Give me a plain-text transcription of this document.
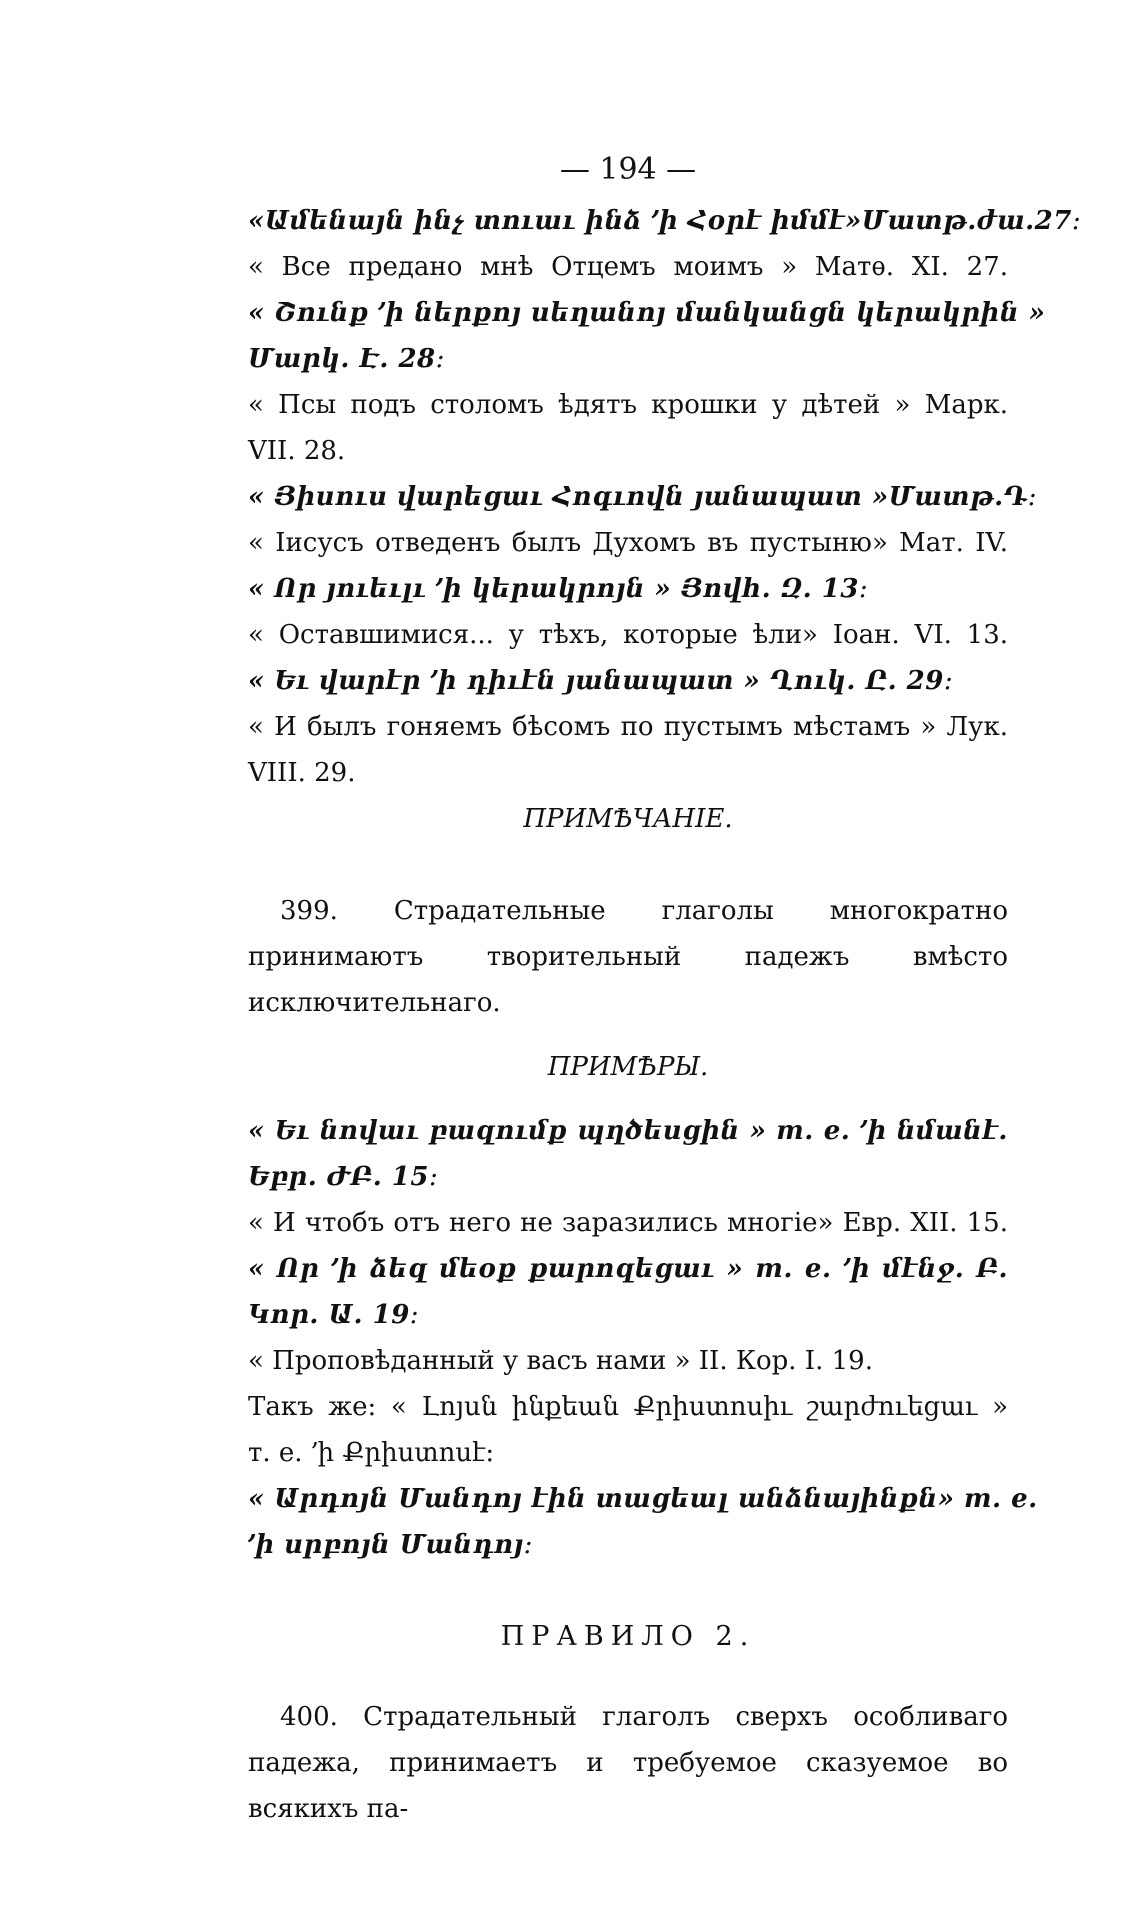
— 194 —
«Ամենայն ինչ տուաւ ինձ ՚ի Հօրէ իմմէ»Մատթ.ժա.27։
« Все предано мнѣ Отцемъ моимъ » Матѳ. XI. 27.
« Շունք ՚ի ներքոյ սեղանոյ մանկանցն կերակրին »
Մարկ. Է. 28։
« Псы подъ столомъ ѣдятъ крошки у дѣтей » Марк.
VII. 28.
« Յիսուս վարեցաւ Հոգւովն յանապատ »Մատթ.Դ։
« Іисусъ отведенъ былъ Духомъ въ пустыню» Мат. IV.
« Որ յուեւլւ ՚ի կերակրոյն » Յովհ. Զ. 13։
« Оставшимися... у тѣхъ, которые ѣли» Іоан. VI. 13.
« Եւ վարէր ՚ի դիւէն յանապատ » Ղուկ. Ը. 29։
« И былъ гоняемъ бѣсомъ по пустымъ мѣстамъ » Лук.
VIII. 29.
ПРИМѢЧАНІЕ.
399. Страдательные глаголы многократно принимаютъ творительный падежъ вмѣсто исключительнаго.
ПРИМѢРЫ.
« Եւ նովաւ բազումք պղծեսցին » т. е. ՚ի նմանէ.
Եբր. ԺԲ. 15։
« И чтобъ отъ него не заразились многіе» Евр. XII. 15.
« Որ ՚ի ձեզ մեօք քարոզեցաւ » т. е. ՚ի մէնջ. Բ.
Կոր. Ա. 19։
« Проповѣданный у васъ нами » II. Кор. I. 19.
Такъ же: « Լոյսն ինքեան Քրիստոսիւ շարժուեցաւ »
т. е. ՚ի Քրիստոսէ։
« Արդոյն Մանդոյ էին տացեալ անձնայինքն» т. е.
՚ի սրբոյն Մանդոյ։
ПРАВИЛО 2.
400. Страдательный глаголъ сверхъ особливаго падежа, принимаетъ и требуемое сказуемое во всякихъ па-
